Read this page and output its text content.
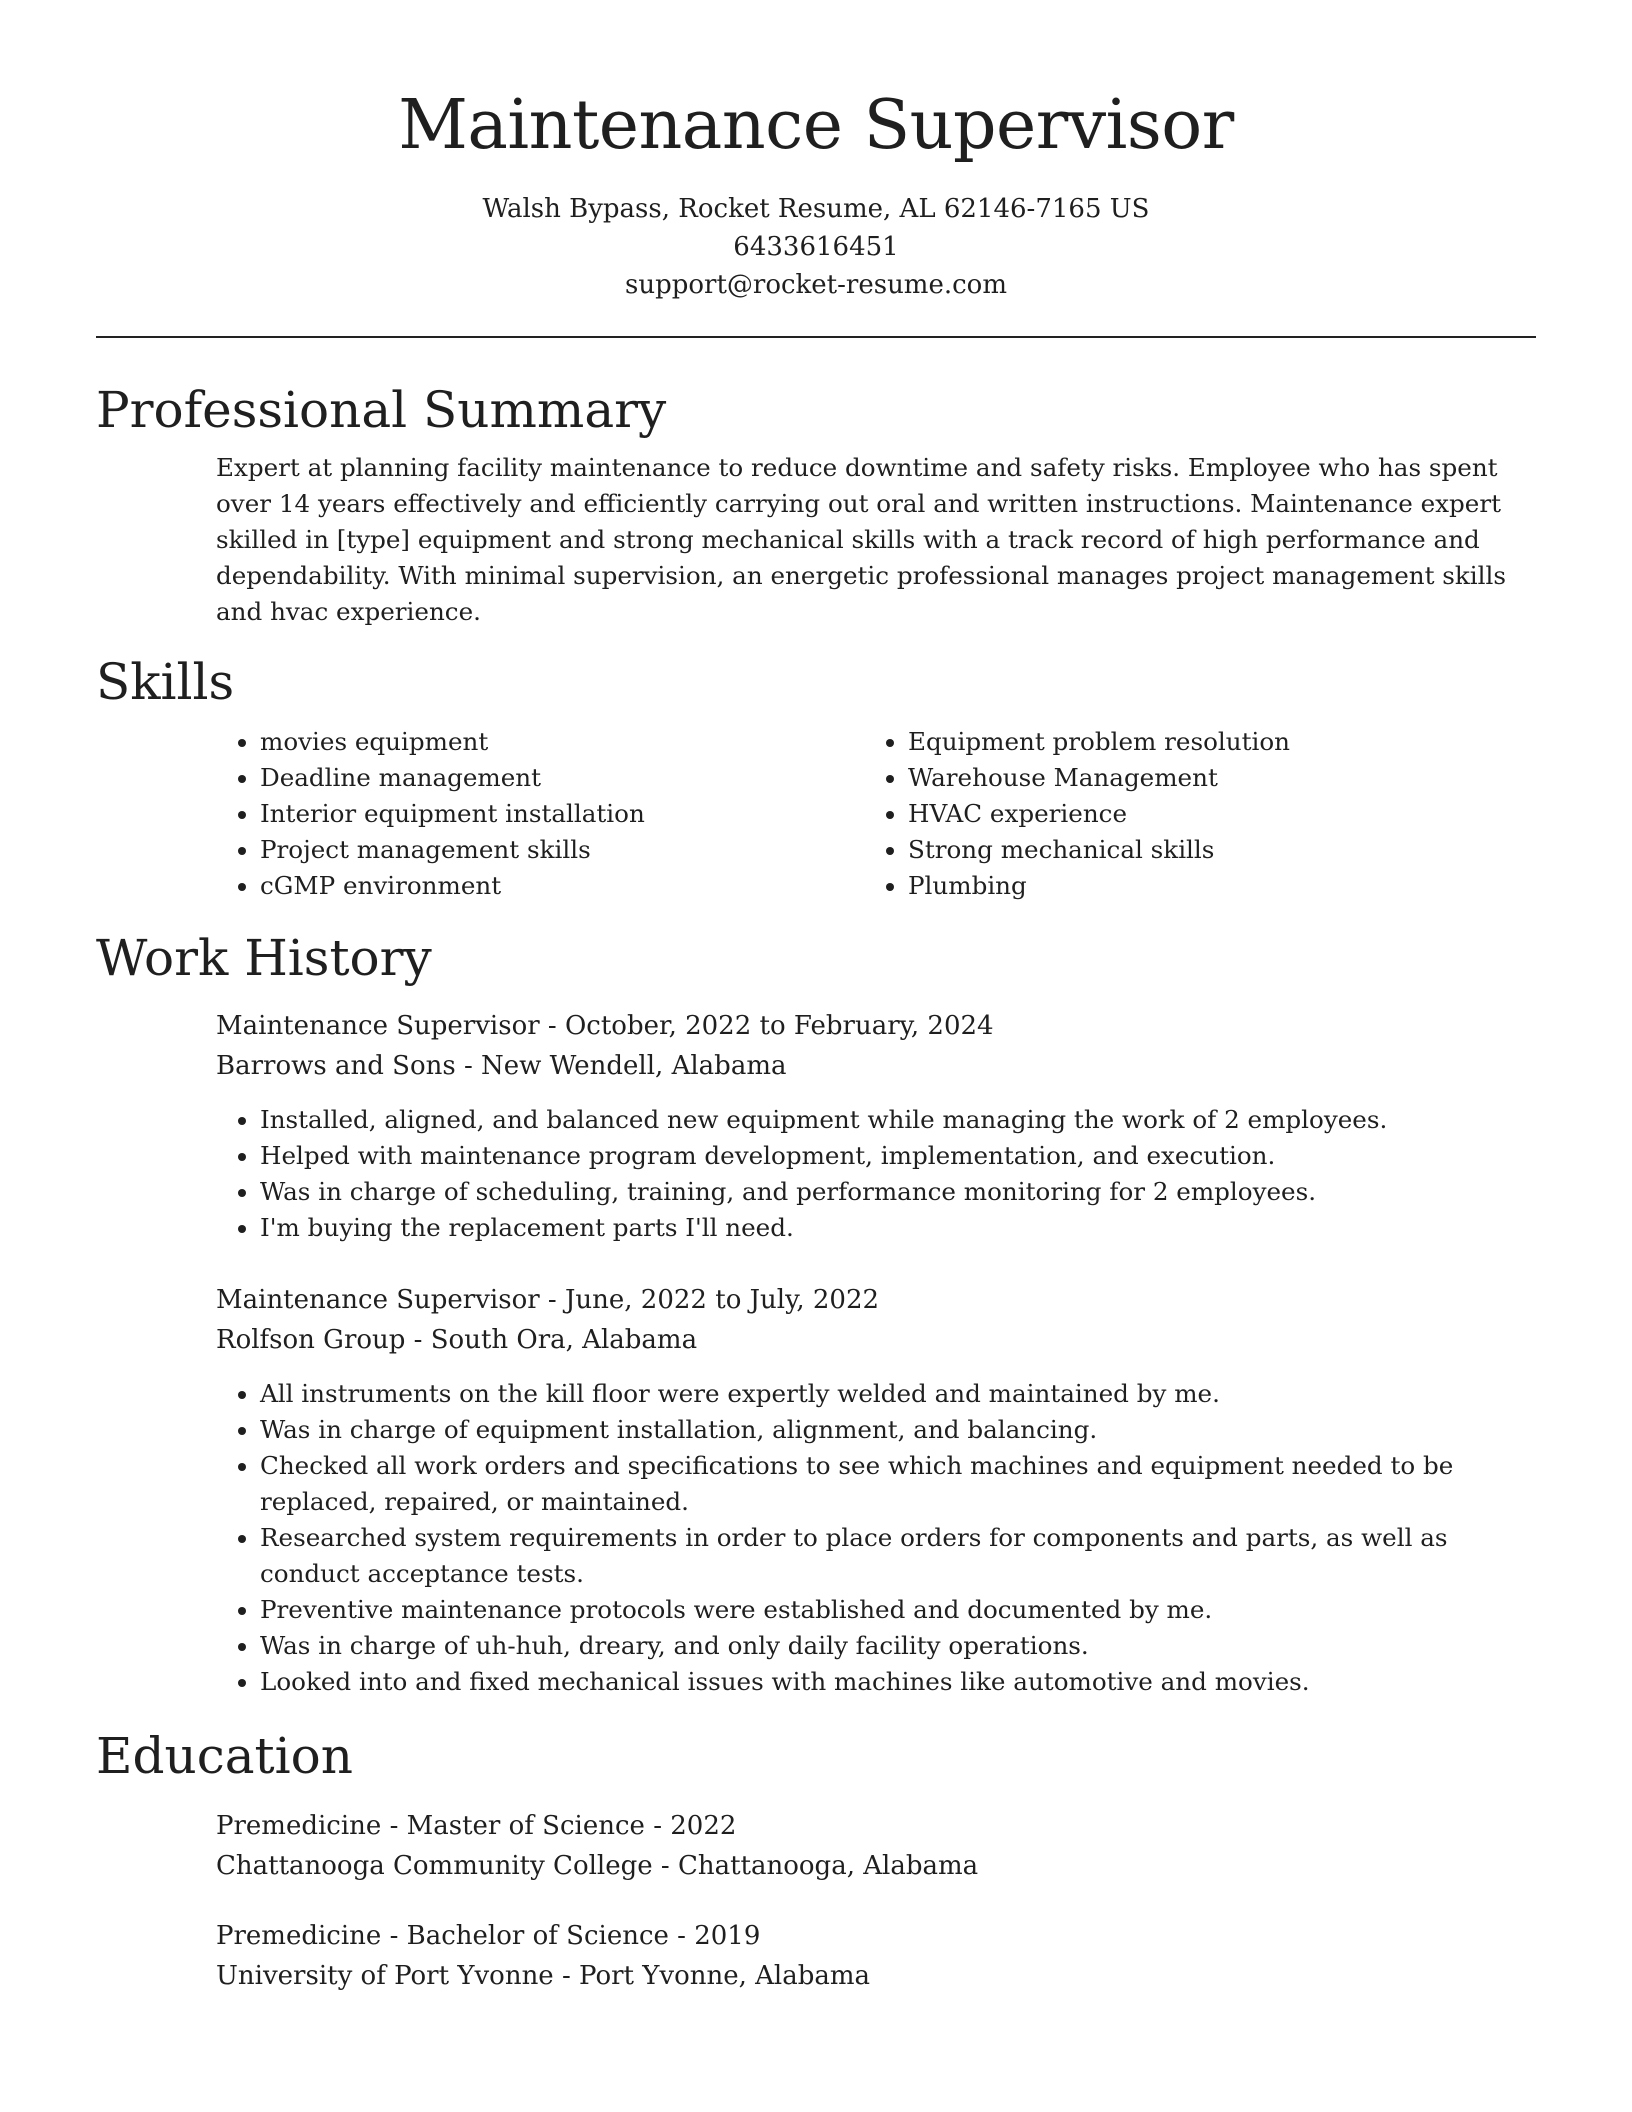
Maintenance Supervisor
Walsh Bypass, Rocket Resume, AL 62146-7165 US
6433616451
support@rocket-resume.com
Professional Summary
Expert at planning facility maintenance to reduce downtime and safety risks. Employee who has spent over 14 years effectively and efficiently carrying out oral and written instructions. Maintenance expert skilled in [type] equipment and strong mechanical skills with a track record of high performance and dependability. With minimal supervision, an energetic professional manages project management skills and hvac experience.
Skills
• movies equipment
• Deadline management
• Interior equipment installation
• Project management skills
• cGMP environment
• Equipment problem resolution
• Warehouse Management
• HVAC experience
• Strong mechanical skills
• Plumbing
Work History
Maintenance Supervisor - October, 2022 to February, 2024
Barrows and Sons - New Wendell, Alabama
• Installed, aligned, and balanced new equipment while managing the work of 2 employees.
• Helped with maintenance program development, implementation, and execution.
• Was in charge of scheduling, training, and performance monitoring for 2 employees.
• I'm buying the replacement parts I'll need.
Maintenance Supervisor - June, 2022 to July, 2022
Rolfson Group - South Ora, Alabama
• All instruments on the kill floor were expertly welded and maintained by me.
• Was in charge of equipment installation, alignment, and balancing.
• Checked all work orders and specifications to see which machines and equipment needed to be replaced, repaired, or maintained.
• Researched system requirements in order to place orders for components and parts, as well as conduct acceptance tests.
• Preventive maintenance protocols were established and documented by me.
• Was in charge of uh-huh, dreary, and only daily facility operations.
• Looked into and fixed mechanical issues with machines like automotive and movies.
Education
Premedicine - Master of Science - 2022
Chattanooga Community College - Chattanooga, Alabama
Premedicine - Bachelor of Science - 2019
University of Port Yvonne - Port Yvonne, Alabama
